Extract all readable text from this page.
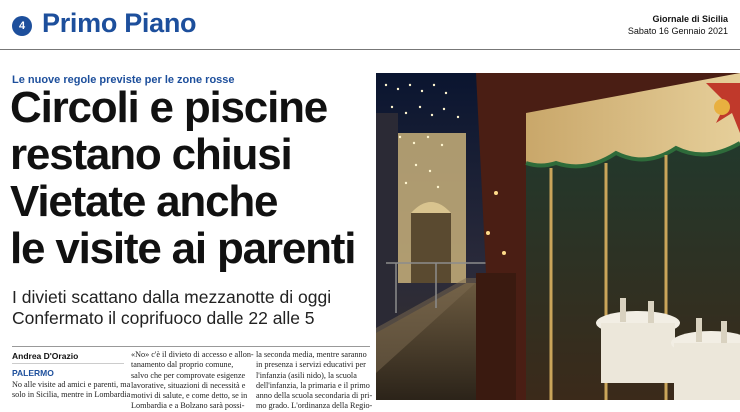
4 Primo Piano	Giornale di Sicilia
Sabato 16 Gennaio 2021
Le nuove regole previste per le zone rosse
Circoli e piscine
restano chiusi
Vietate anche
le visite ai parenti
I divieti scattano dalla mezzanotte di oggi
Confermato il coprifuoco dalle 22 alle 5
Andrea D'Orazio
PALERMO
No alle visite ad amici e parenti, ma
solo in Sicilia, mentre in Lombardia
«No» c'è il divieto di accesso e allon-
tanamento dal proprio comune,
salvo che per comprovate esigenze
lavorative, situazioni di necessità e
motivi di salute, e come detto, se in
Lombardia e a Bolzano sarà possi-
la seconda media, mentre saranno
in presenza i servizi educativi per
l'infanzia (asili nido), la scuola
dell'infanzia, la primaria e il primo
anno della scuola secondaria di pri-
mo grado. L'ordinanza della Regio-
